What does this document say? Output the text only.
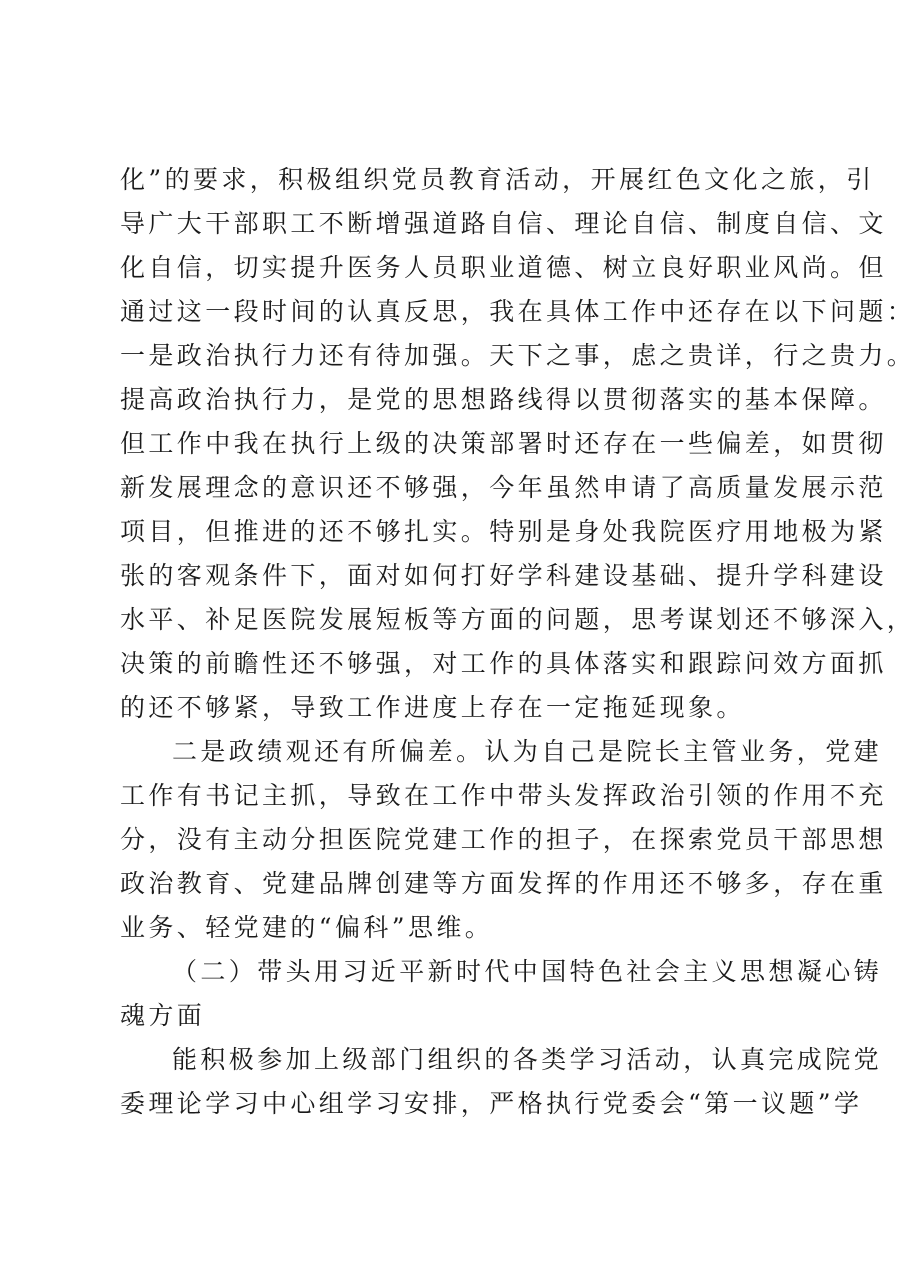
化”的要求，积极组织党员教育活动，开展红色文化之旅，引
导广大干部职工不断增强道路自信、理论自信、制度自信、文
化自信，切实提升医务人员职业道德、树立良好职业风尚。但
通过这一段时间的认真反思，我在具体工作中还存在以下问题：
一是政治执行力还有待加强。天下之事，虑之贵详，行之贵力。
提高政治执行力，是党的思想路线得以贯彻落实的基本保障。
但工作中我在执行上级的决策部署时还存在一些偏差，如贯彻
新发展理念的意识还不够强，今年虽然申请了高质量发展示范
项目，但推进的还不够扎实。特别是身处我院医疗用地极为紧
张的客观条件下，面对如何打好学科建设基础、提升学科建设
水平、补足医院发展短板等方面的问题，思考谋划还不够深入，
决策的前瞻性还不够强，对工作的具体落实和跟踪问效方面抓
的还不够紧，导致工作进度上存在一定拖延现象。
二是政绩观还有所偏差。认为自己是院长主管业务，党建
工作有书记主抓，导致在工作中带头发挥政治引领的作用不充
分，没有主动分担医院党建工作的担子，在探索党员干部思想
政治教育、党建品牌创建等方面发挥的作用还不够多，存在重
业务、轻党建的“偏科”思维。
（二）带头用习近平新时代中国特色社会主义思想凝心铸
魂方面
能积极参加上级部门组织的各类学习活动，认真完成院党
委理论学习中心组学习安排，严格执行党委会“第一议题”学
